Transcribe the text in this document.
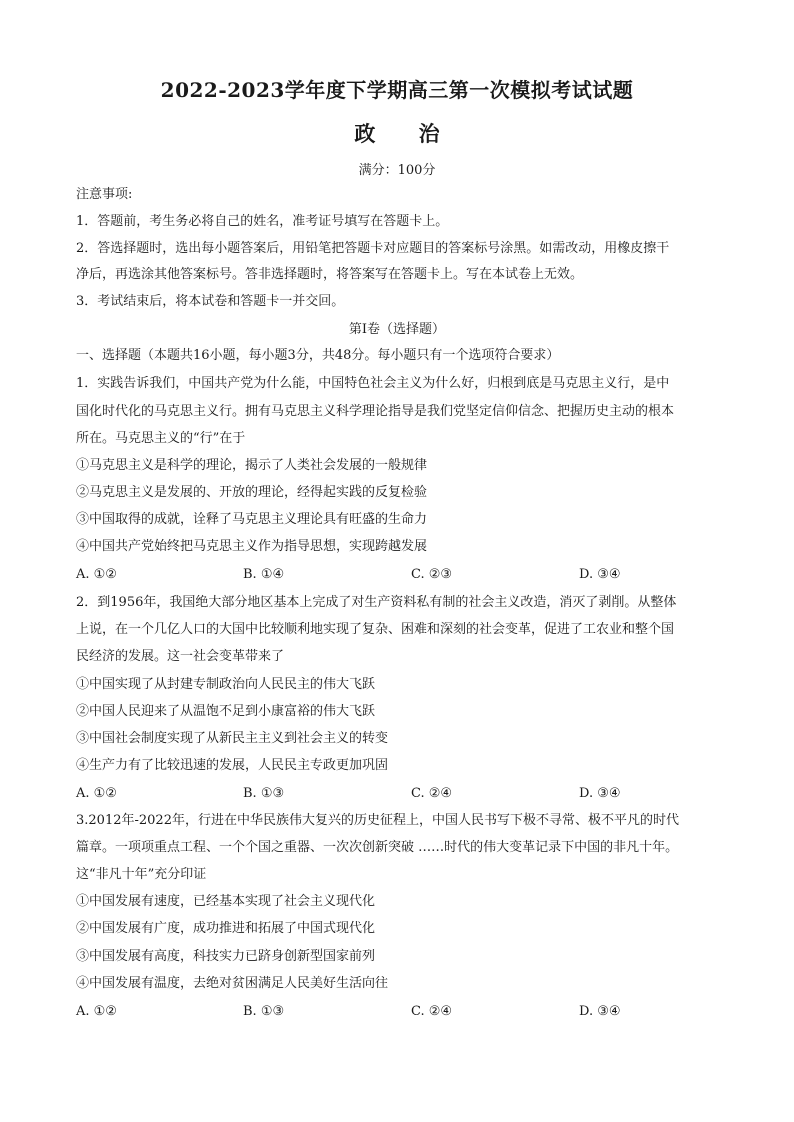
2022-2023学年度下学期高三第一次模拟考试试题
政 治
满分：100分
注意事项:
1．答题前，考生务必将自己的姓名，准考证号填写在答题卡上。
2．答选择题时，选出每小题答案后，用铅笔把答题卡对应题目的答案标号涂黑。如需改动，用橡皮擦干
净后，再选涂其他答案标号。答非选择题时，将答案写在答题卡上。写在本试卷上无效。
3．考试结束后，将本试卷和答题卡一并交回。
第Ⅰ卷（选择题）
一、选择题（本题共16小题，每小题3分，共48分。每小题只有一个选项符合要求）
1．实践告诉我们，中国共产党为什么能，中国特色社会主义为什么好，归根到底是马克思主义行，是中
国化时代化的马克思主义行。拥有马克思主义科学理论指导是我们党坚定信仰信念、把握历史主动的根本
所在。马克思主义的“行”在于
①马克思主义是科学的理论，揭示了人类社会发展的一般规律
②马克思主义是发展的、开放的理论，经得起实践的反复检验
③中国取得的成就，诠释了马克思主义理论具有旺盛的生命力
④中国共产党始终把马克思主义作为指导思想，实现跨越发展
A. ①②	B. ①④	C. ②③	D. ③④
2．到1956年，我国绝大部分地区基本上完成了对生产资料私有制的社会主义改造，消灭了剥削。从整体
上说，在一个几亿人口的大国中比较顺利地实现了复杂、困难和深刻的社会变革，促进了工农业和整个国
民经济的发展。这一社会变革带来了
①中国实现了从封建专制政治向人民民主的伟大飞跃
②中国人民迎来了从温饱不足到小康富裕的伟大飞跃
③中国社会制度实现了从新民主主义到社会主义的转变
④生产力有了比较迅速的发展，人民民主专政更加巩固
A. ①②	B. ①③	C. ②④	D. ③④
3.2012年-2022年，行进在中华民族伟大复兴的历史征程上，中国人民书写下极不寻常、极不平凡的时代
篇章。一项项重点工程、一个个国之重器、一次次创新突破 ……时代的伟大变革记录下中国的非凡十年。
这“非凡十年”充分印证
①中国发展有速度，已经基本实现了社会主义现代化
②中国发展有广度，成功推进和拓展了中国式现代化
③中国发展有高度，科技实力已跻身创新型国家前列
④中国发展有温度，去绝对贫困满足人民美好生活向往
A. ①②	B. ①③	C. ②④	D. ③④
